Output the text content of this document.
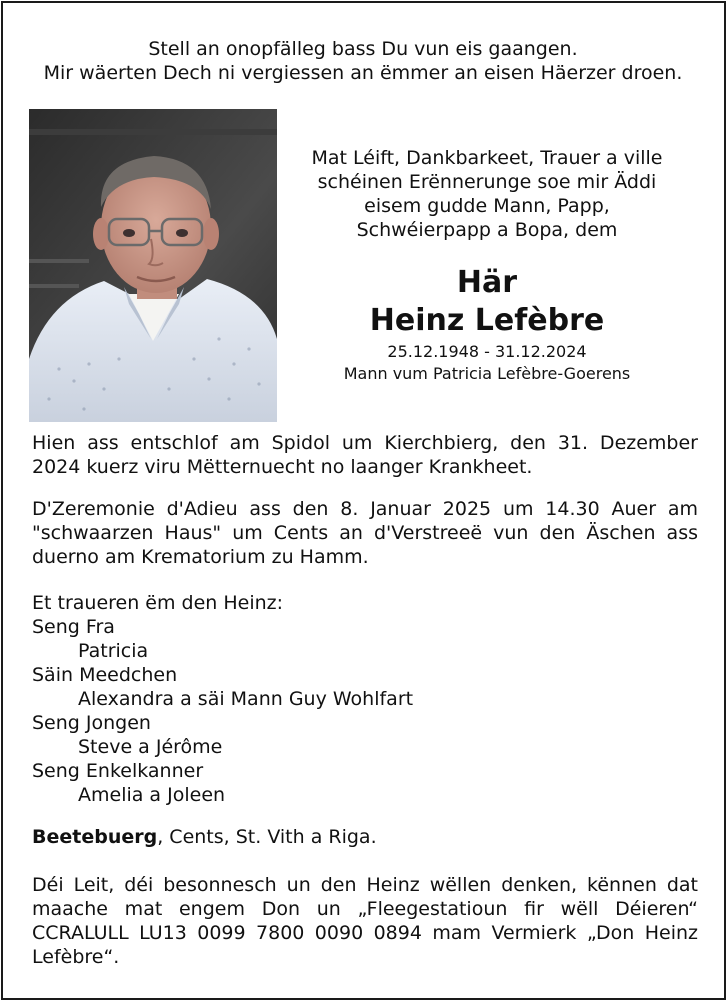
Stell an onopfälleg bass Du vun eis gaangen.
Mir wäerten Dech ni vergiessen an ëmmer an eisen Häerzer droen.
Mat Léift, Dankbarkeet, Trauer a ville
schéinen Erënnerunge soe mir Äddi
eisem gudde Mann, Papp,
Schwéierpapp a Bopa, dem
Här
Heinz Lefèbre
25.12.1948 - 31.12.2024
Mann vum Patricia Lefèbre-Goerens
Hien ass entschlof am Spidol um Kierchbierg, den 31. Dezember 2024 kuerz viru Mëtternuecht no laanger Krankheet.
D'Zeremonie d'Adieu ass den 8. Januar 2025 um 14.30 Auer am "schwaarzen Haus" um Cents an d'Verstreeë vun den Äschen ass duerno am Krematorium zu Hamm.
Et traueren ëm den Heinz:
Seng Fra
Patricia
Säin Meedchen
Alexandra a säi Mann Guy Wohlfart
Seng Jongen
Steve a Jérôme
Seng Enkelkanner
Amelia a Joleen
Beetebuerg, Cents, St. Vith a Riga.
Déi Leit, déi besonnesch un den Heinz wëllen denken, kënnen dat maache mat engem Don un „Fleegestatioun fir wëll Déieren“ CCRALULL LU13 0099 7800 0090 0894 mam Vermierk „Don Heinz Lefèbre“.
